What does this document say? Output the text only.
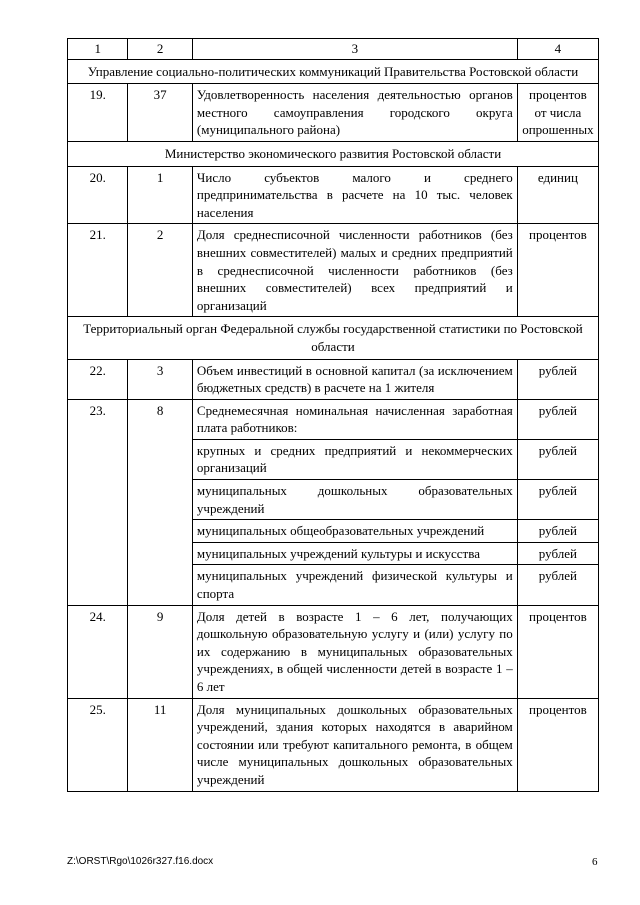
1	2	3	4
Управление социально-политических коммуникаций Правительства Ростовской области			
19.	37	Удовлетворенность населения деятельностью органов местного самоуправления городского округа (муниципального района)	процентов от числа опрошенных
Министерство экономического развития Ростовской области			
20.	1	Число субъектов малого и среднего предпринимательства в расчете на 10 тыс. человек населения	единиц
21.	2	Доля среднесписочной численности работников (без внешних совместителей) малых и средних предприятий в среднесписочной численности работников (без внешних совместителей) всех предприятий и организаций	процентов
Территориальный орган Федеральной службы государственной статистики по Ростовской области			
22.	3	Объем инвестиций в основной капитал (за исключением бюджетных средств) в расчете на 1 жителя	рублей
23.	8	Среднемесячная номинальная начисленная заработная плата работников:	рублей
		крупных и средних предприятий и некоммерческих организаций	рублей
		муниципальных дошкольных образовательных учреждений	рублей
		муниципальных общеобразовательных учреждений	рублей
		муниципальных учреждений культуры и искусства	рублей
		муниципальных учреждений физической культуры и спорта	рублей
24.	9	Доля детей в возрасте 1 – 6 лет, получающих дошкольную образовательную услугу и (или) услугу по их содержанию в муниципальных образовательных учреждениях, в общей численности детей в возрасте 1 – 6 лет	процентов
25.	11	Доля муниципальных дошкольных образовательных учреждений, здания которых находятся в аварийном состоянии или требуют капитального ремонта, в общем числе муниципальных дошкольных образовательных учреждений	процентов
Z:\ORST\Rgo\1026r327.f16.docx	6
